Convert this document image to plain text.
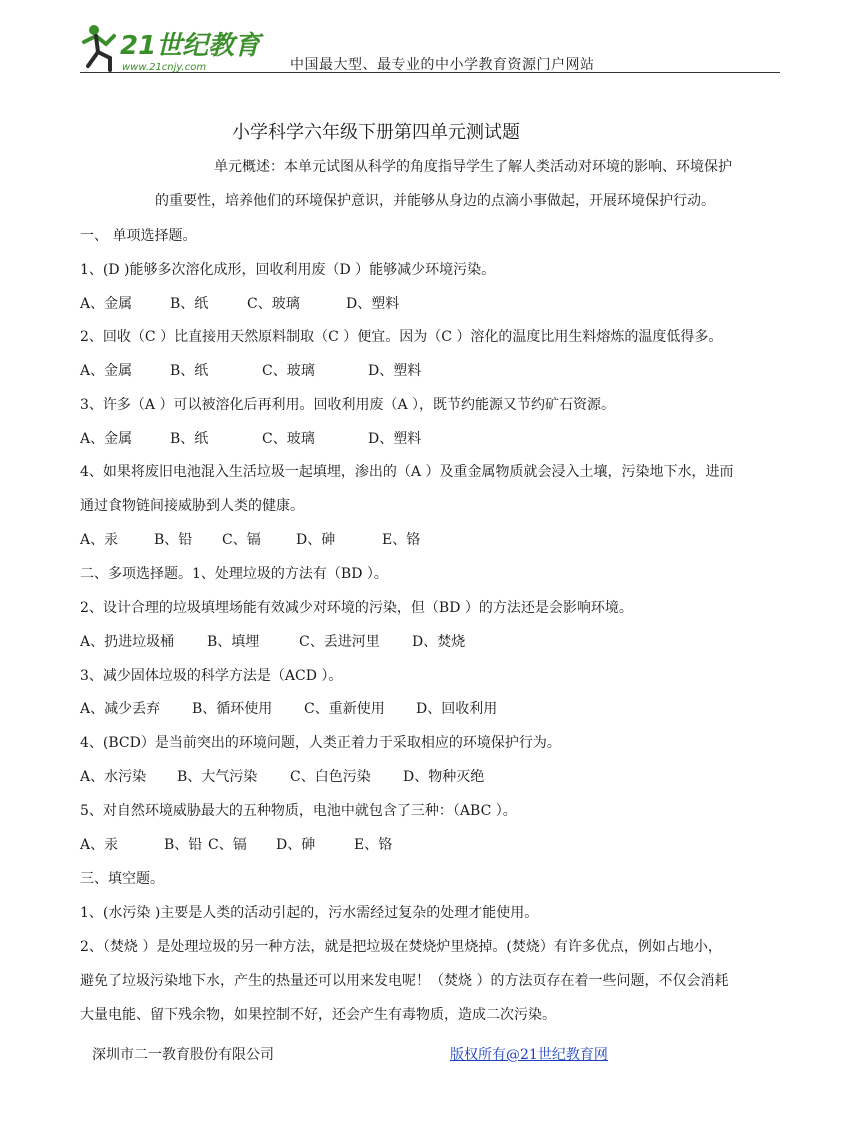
21世纪教育
www.21cnjy.com	中国最大型、最专业的中小学教育资源门户网站
小学科学六年级下册第四单元测试题
单元概述：本单元试图从科学的角度指导学生了解人类活动对环境的影响、环境保护
的重要性，培养他们的环境保护意识，并能够从身边的点滴小事做起，开展环境保护行动。
一、 单项选择题。
1、(D )能够多次溶化成形，回收利用废（D ）能够减少环境污染。
A、金属	B、纸	C、玻璃	D、塑料
2、回收（C ）比直接用天然原料制取（C ）便宜。因为（C ）溶化的温度比用生料熔炼的温度低得多。
A、金属	B、纸	C、玻璃	D、塑料
3、许多（A ）可以被溶化后再利用。回收利用废（A ），既节约能源又节约矿石资源。
A、金属	B、纸	C、玻璃	D、塑料
4、如果将废旧电池混入生活垃圾一起填埋，渗出的（A ）及重金属物质就会浸入土壤，污染地下水，进而
通过食物链间接威胁到人类的健康。
A、汞	B、铅 C、镉	D、砷	E、铬
二、多项选择题。1、处理垃圾的方法有（BD ）。
2、设计合理的垃圾填埋场能有效减少对环境的污染，但（BD ）的方法还是会影响环境。
A、扔进垃圾桶 B、填埋	C、丢进河里 D、焚烧
3、减少固体垃圾的科学方法是（ACD ）。
A、减少丢弃 B、循环使用 C、重新使用 D、回收利用
4、(BCD）是当前突出的环境问题，人类正着力于采取相应的环境保护行为。
A、水污染 B、大气污染 C、白色污染 D、物种灭绝
5、对自然环境威胁最大的五种物质，电池中就包含了三种：（ABC ）。
A、汞	B、铅 C、镉 D、砷	E、铬
三、填空题。
1、(水污染 )主要是人类的活动引起的，污水需经过复杂的处理才能使用。
2、（焚烧 ）是处理垃圾的另一种方法，就是把垃圾在焚烧炉里烧掉。(焚烧）有许多优点，例如占地小，
避免了垃圾污染地下水，产生的热量还可以用来发电呢！（焚烧 ）的方法页存在着一些问题，不仅会消耗
大量电能、留下残余物，如果控制不好，还会产生有毒物质，造成二次污染。
深圳市二一教育股份有限公司	版权所有@21世纪教育网
